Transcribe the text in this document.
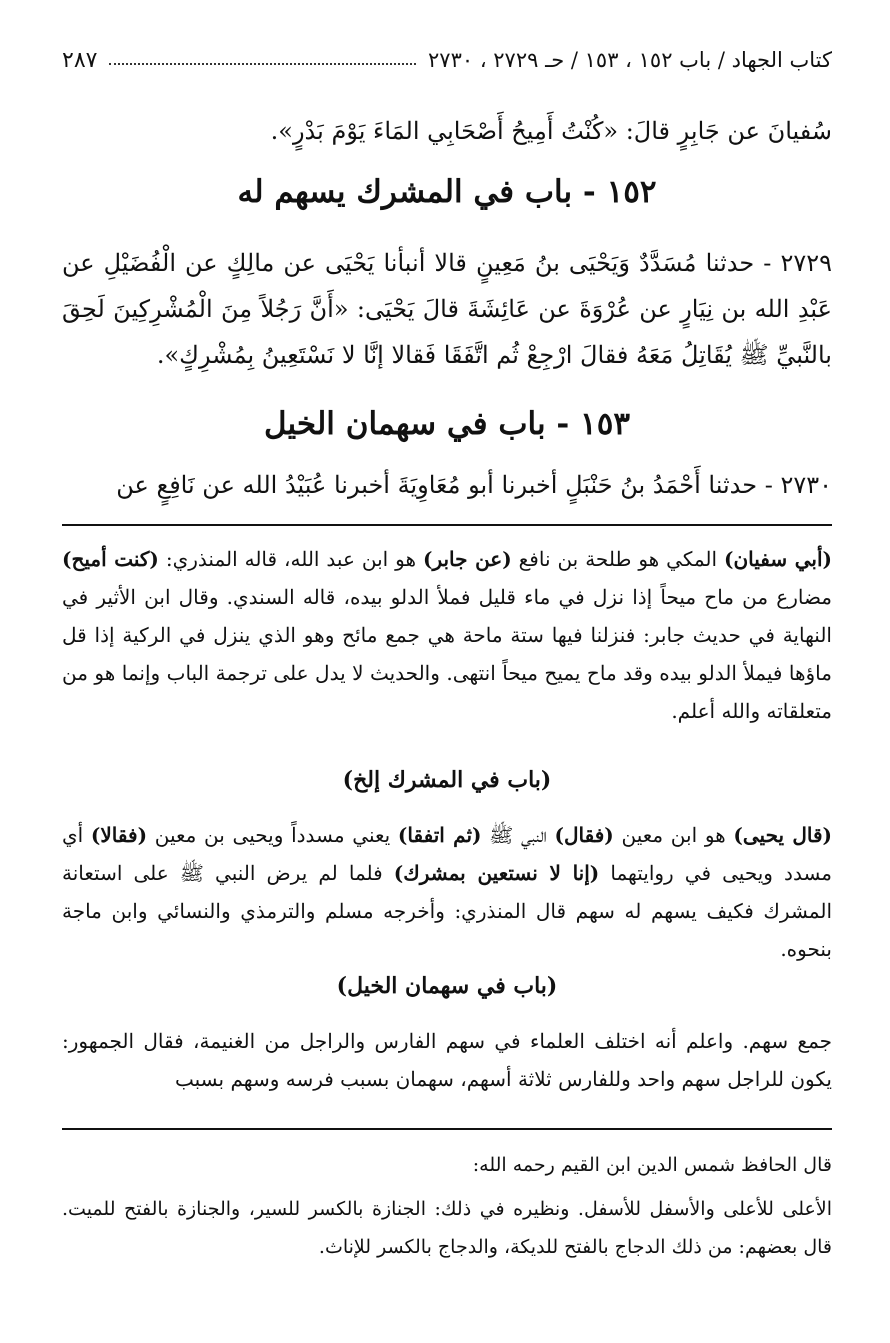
كتاب الجهاد / باب ١٥٢ ، ١٥٣ / حـ ٢٧٢٩ ، ٢٧٣٠
٢٨٧
سُفيانَ عن جَابِرٍ قالَ: «كُنْتُ أَمِيحُ أَصْحَابِي المَاءَ يَوْمَ بَدْرٍ».
١٥٢ - باب في المشرك يسهم له
٢٧٢٩ - حدثنا مُسَدَّدٌ وَيَحْيَى بنُ مَعِينٍ قالا أنبأنا يَحْيَى عن مالِكٍ عن الْفُضَيْلِ عن عَبْدِ الله بن نِيَارٍ عن عُرْوَةَ عن عَائِشَةَ قالَ يَحْيَى: «أَنَّ رَجُلاً مِنَ الْمُشْرِكِينَ لَحِقَ بالنَّبيِّ ﷺ يُقَاتِلُ مَعَهُ فقالَ ارْجِعْ ثُم اتَّفَقَا فَقالا إنَّا لا نَسْتَعِينُ بِمُشْرِكٍ».
١٥٣ - باب في سهمان الخيل
٢٧٣٠ - حدثنا أَحْمَدُ بنُ حَنْبَلٍ أخبرنا أبو مُعَاوِيَةَ أخبرنا عُبَيْدُ الله عن نَافِعٍ عن
(أبي سفيان) المكي هو طلحة بن نافع (عن جابر) هو ابن عبد الله، قاله المنذري: (كنت أميح) مضارع من ماح ميحاً إذا نزل في ماء قليل فملأ الدلو بيده، قاله السندي. وقال ابن الأثير في النهاية في حديث جابر: فنزلنا فيها ستة ماحة هي جمع مائح وهو الذي ينزل في الركية إذا قل ماؤها فيملأ الدلو بيده وقد ماح يميح ميحاً انتهى. والحديث لا يدل على ترجمة الباب وإنما هو من متعلقاته والله أعلم.
(باب في المشرك إلخ)
(قال يحيى) هو ابن معين (فقال) النبي ﷺ (ثم اتفقا) يعني مسدداً ويحيى بن معين (فقالا) أي مسدد ويحيى في روايتهما (إنا لا نستعين بمشرك) فلما لم يرض النبي ﷺ على استعانة المشرك فكيف يسهم له سهم قال المنذري: وأخرجه مسلم والترمذي والنسائي وابن ماجة بنحوه.
(باب في سهمان الخيل)
جمع سهم. واعلم أنه اختلف العلماء في سهم الفارس والراجل من الغنيمة، فقال الجمهور: يكون للراجل سهم واحد وللفارس ثلاثة أسهم، سهمان بسبب فرسه وسهم بسبب
قال الحافظ شمس الدين ابن القيم رحمه الله:
الأعلى للأعلى والأسفل للأسفل. ونظيره في ذلك: الجنازة بالكسر للسير، والجنازة بالفتح للميت. قال بعضهم: من ذلك الدجاج بالفتح للديكة، والدجاج بالكسر للإناث.
